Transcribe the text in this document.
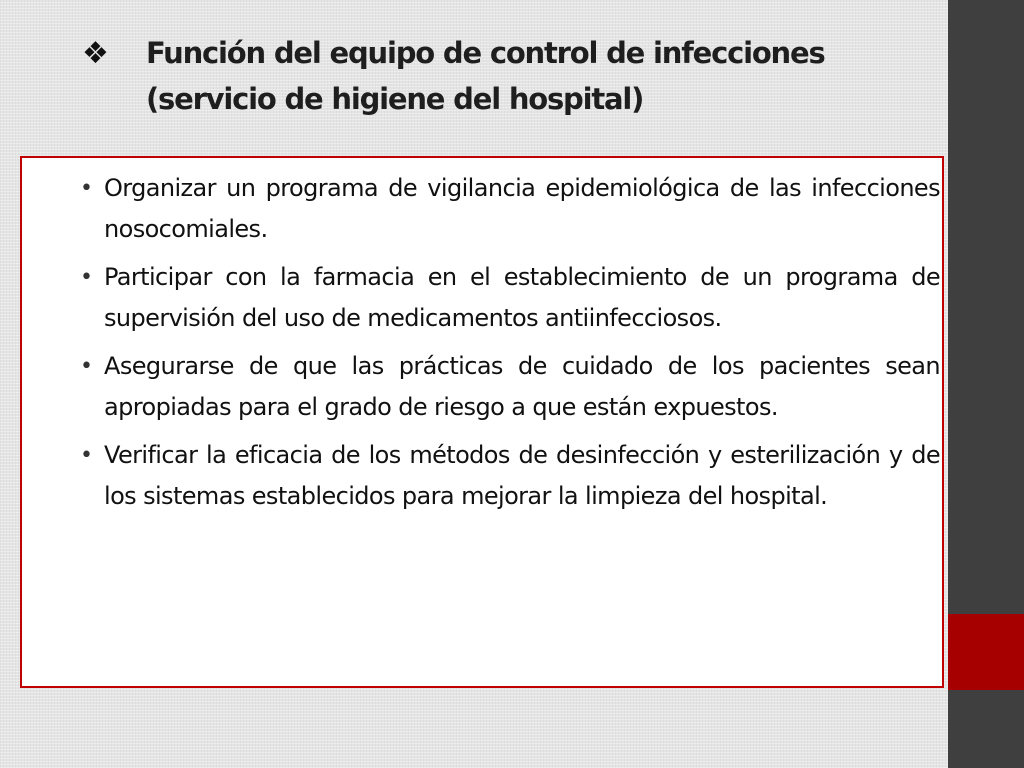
❖ Función del equipo de control de infecciones
(servicio de higiene del hospital)
• Organizar un programa de vigilancia epidemiológica de las infecciones nosocomiales.
• Participar con la farmacia en el establecimiento de un programa de supervisión del uso de medicamentos antiinfecciosos.
• Asegurarse de que las prácticas de cuidado de los pacientes sean apropiadas para el grado de riesgo a que están expuestos.
• Verificar la eficacia de los métodos de desinfección y esterilización y de los sistemas establecidos para mejorar la limpieza del hospital.
